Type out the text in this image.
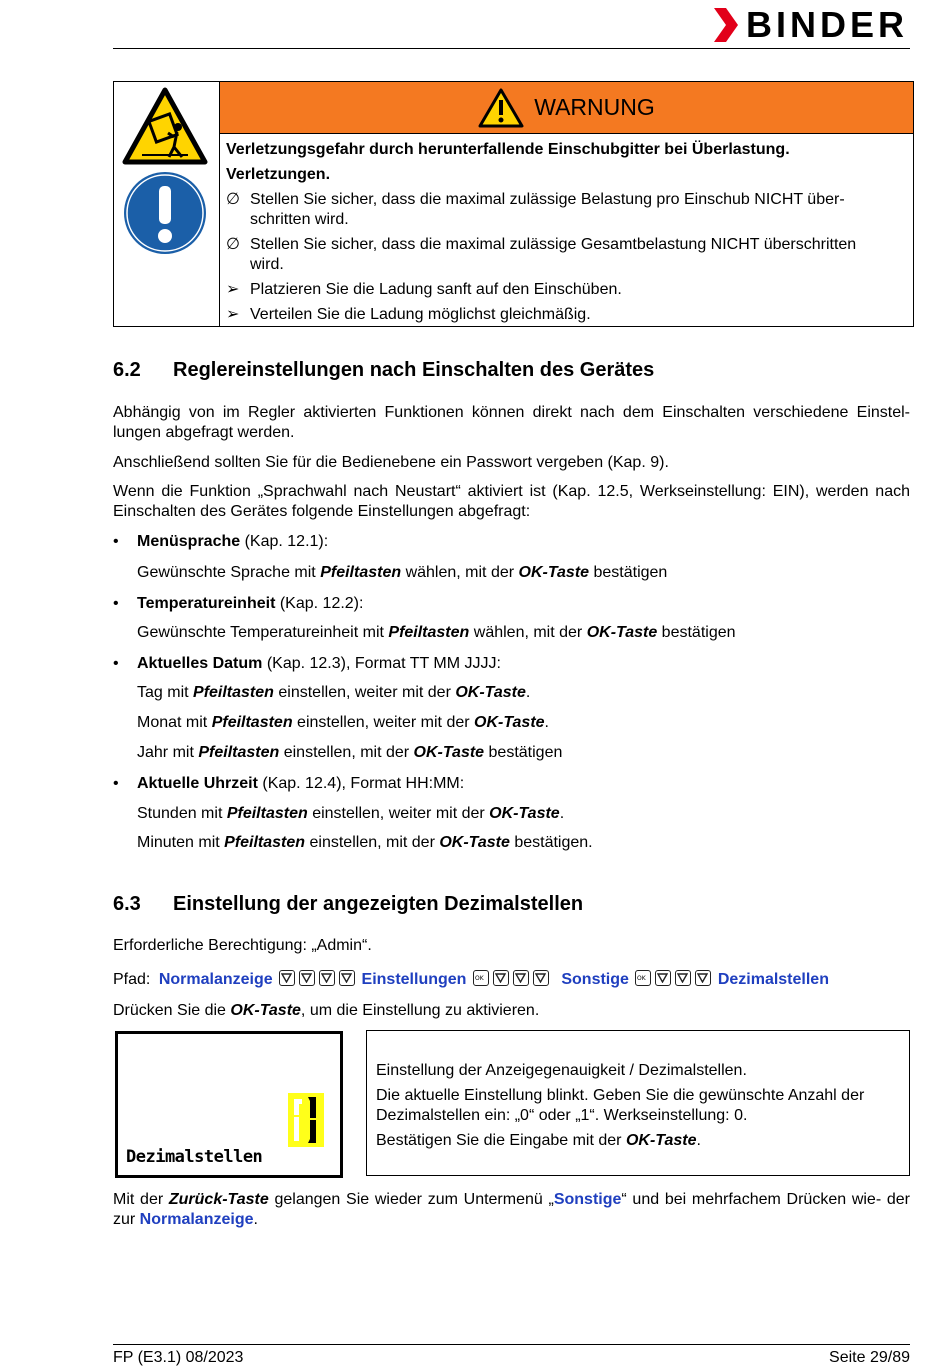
BINDER
WARNUNG
Verletzungsgefahr durch herunterfallende Einschubgitter bei Überlastung.
Verletzungen.
∅ Stellen Sie sicher, dass die maximal zulässige Belastung pro Einschub NICHT über-
schritten wird.
∅ Stellen Sie sicher, dass die maximal zulässige Gesamtbelastung NICHT überschritten
wird.
➢ Platzieren Sie die Ladung sanft auf den Einschüben.
➢ Verteilen Sie die Ladung möglichst gleichmäßig.
6.2 Reglereinstellungen nach Einschalten des Gerätes

Abhängig von im Regler aktivierten Funktionen können direkt nach dem Einschalten verschiedene Einstel- lungen abgefragt werden.

Anschließend sollten Sie für die Bedienebene ein Passwort vergeben (Kap. 9).

Wenn die Funktion „Sprachwahl nach Neustart“ aktiviert ist (Kap. 12.5, Werkseinstellung: EIN), werden nach Einschalten des Gerätes folgende Einstellungen abgefragt:

•	Menüsprache (Kap. 12.1):
Gewünschte Sprache mit Pfeiltasten wählen, mit der OK-Taste bestätigen
•	Temperatureinheit (Kap. 12.2):
Gewünschte Temperatureinheit mit Pfeiltasten wählen, mit der OK-Taste bestätigen
•	Aktuelles Datum (Kap. 12.3), Format TT MM JJJJ:
Tag mit Pfeiltasten einstellen, weiter mit der OK-Taste.
Monat mit Pfeiltasten einstellen, weiter mit der OK-Taste.
Jahr mit Pfeiltasten einstellen, mit der OK-Taste bestätigen
•	Aktuelle Uhrzeit (Kap. 12.4), Format HH:MM:
Stunden mit Pfeiltasten einstellen, weiter mit der OK-Taste.
Minuten mit Pfeiltasten einstellen, mit der OK-Taste bestätigen.
6.3 Einstellung der angezeigten Dezimalstellen

Erforderliche Berechtigung: „Admin“.

Pfad: Normalanzeige	Einstellungen OK	Sonstige OK	Dezimalstellen
Drücken Sie die OK-Taste, um die Einstellung zu aktivieren.
Dezimalstellen
Einstellung der Anzeigegenauigkeit / Dezimalstellen.
Die aktuelle Einstellung blinkt. Geben Sie die gewünschte Anzahl der Dezimalstellen ein: „0“ oder „1“. Werkseinstellung: 0.
Bestätigen Sie die Eingabe mit der OK-Taste.
Mit der Zurück-Taste gelangen Sie wieder zum Untermenü „Sonstige“ und bei mehrfachem Drücken wie- der zur Normalanzeige.
FP (E3.1) 08/2023	Seite 29/89
